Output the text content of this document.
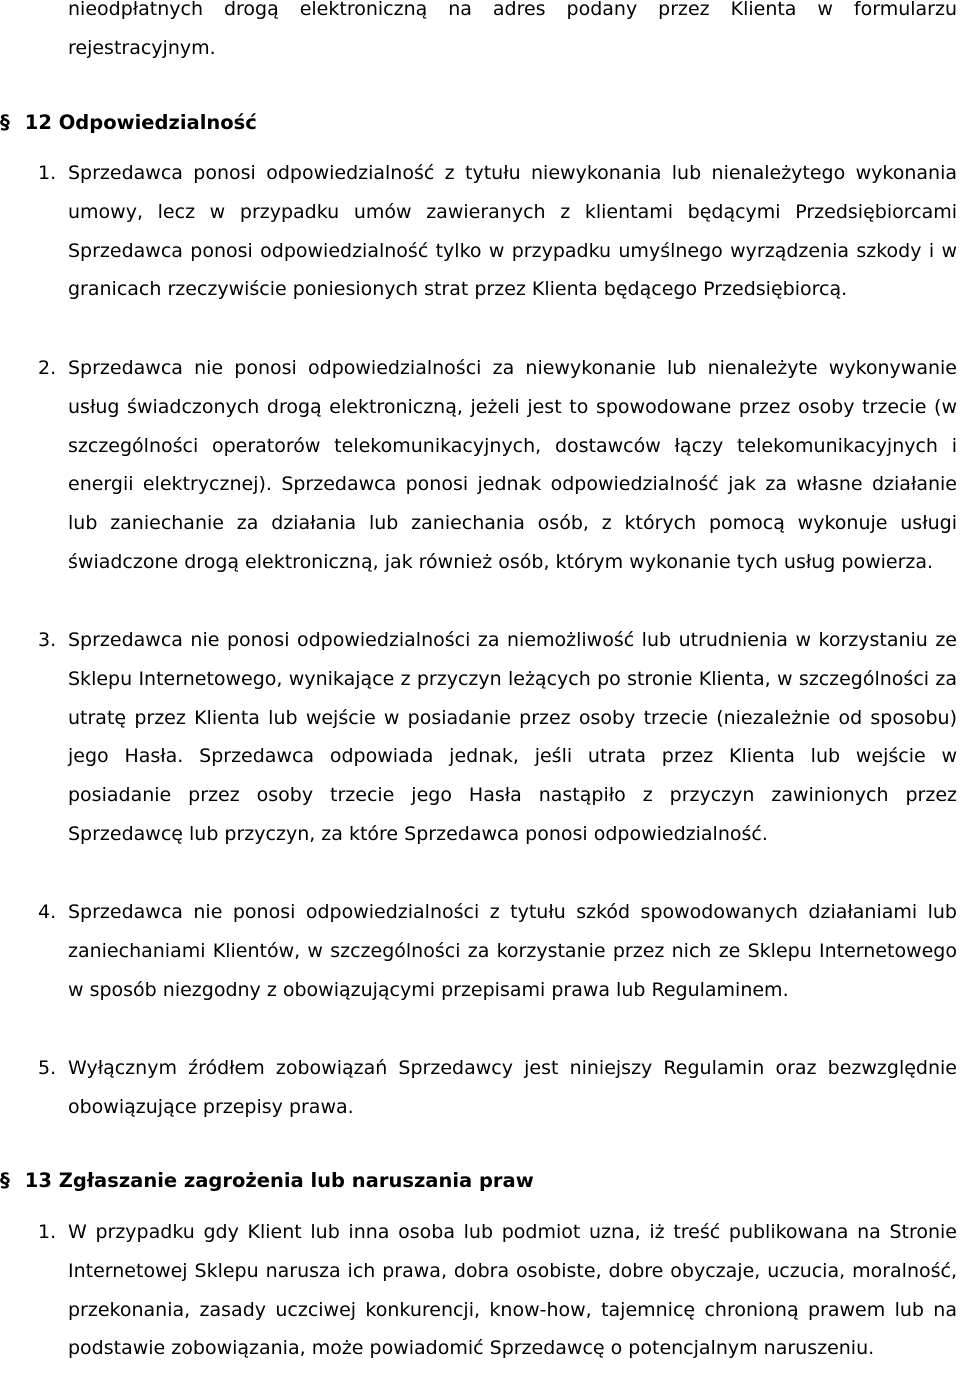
nieodpłatnych drogą elektroniczną na adres podany przez Klienta w formularzu rejestracyjnym.

§ 12 Odpowiedzialność
1. Sprzedawca ponosi odpowiedzialność z tytułu niewykonania lub nienależytego wykonania umowy, lecz w przypadku umów zawieranych z klientami będącymi Przedsiębiorcami Sprzedawca ponosi odpowiedzialność tylko w przypadku umyślnego wyrządzenia szkody i w granicach rzeczywiście poniesionych strat przez Klienta będącego Przedsiębiorcą.
2. Sprzedawca nie ponosi odpowiedzialności za niewykonanie lub nienależyte wykonywanie usług świadczonych drogą elektroniczną, jeżeli jest to spowodowane przez osoby trzecie (w szczególności operatorów telekomunikacyjnych, dostawców łączy telekomunikacyjnych i energii elektrycznej). Sprzedawca ponosi jednak odpowiedzialność jak za własne działanie lub zaniechanie za działania lub zaniechania osób, z których pomocą wykonuje usługi świadczone drogą elektroniczną, jak również osób, którym wykonanie tych usług powierza.
3. Sprzedawca nie ponosi odpowiedzialności za niemożliwość lub utrudnienia w korzystaniu ze Sklepu Internetowego, wynikające z przyczyn leżących po stronie Klienta, w szczególności za utratę przez Klienta lub wejście w posiadanie przez osoby trzecie (niezależnie od sposobu) jego Hasła. Sprzedawca odpowiada jednak, jeśli utrata przez Klienta lub wejście w posiadanie przez osoby trzecie jego Hasła nastąpiło z przyczyn zawinionych przez Sprzedawcę lub przyczyn, za które Sprzedawca ponosi odpowiedzialność.
4. Sprzedawca nie ponosi odpowiedzialności z tytułu szkód spowodowanych działaniami lub zaniechaniami Klientów, w szczególności za korzystanie przez nich ze Sklepu Internetowego w sposób niezgodny z obowiązującymi przepisami prawa lub Regulaminem.
5. Wyłącznym źródłem zobowiązań Sprzedawcy jest niniejszy Regulamin oraz bezwzględnie obowiązujące przepisy prawa.
§ 13 Zgłaszanie zagrożenia lub naruszania praw
1. W przypadku gdy Klient lub inna osoba lub podmiot uzna, iż treść publikowana na Stronie Internetowej Sklepu narusza ich prawa, dobra osobiste, dobre obyczaje, uczucia, moralność, przekonania, zasady uczciwej konkurencji, know-how, tajemnicę chronioną prawem lub na podstawie zobowiązania, może powiadomić Sprzedawcę o potencjalnym naruszeniu.
